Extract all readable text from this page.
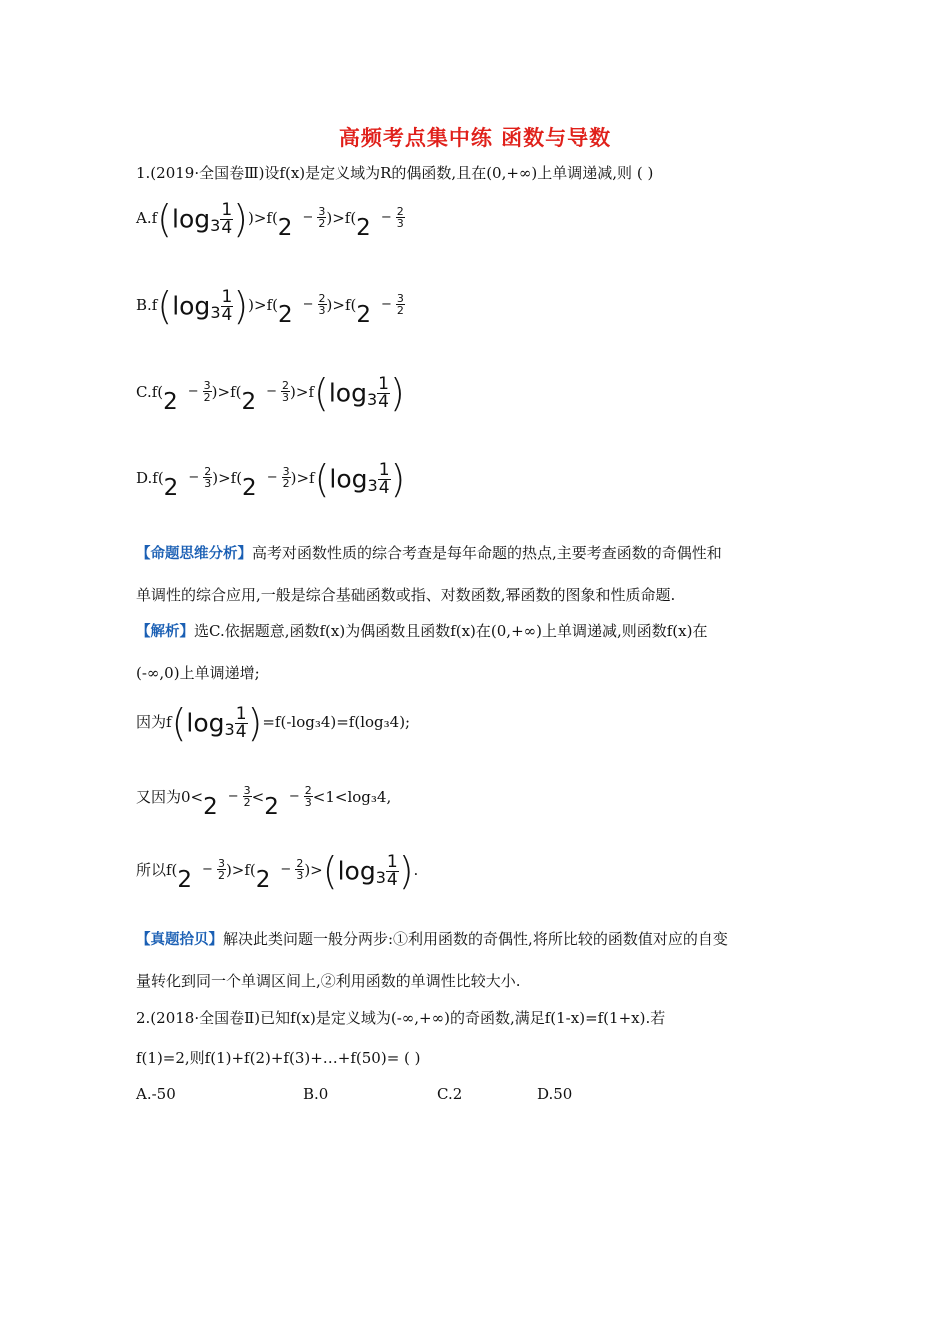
高频考点集中练 函数与导数
1.(2019·全国卷Ⅲ)设f(x)是定义域为R的偶函数,且在(0,+∞)上单调递减,则 ( )
$A.f(\log 3 \frac{1}{4} ))>f(2 - \frac{3}{2} )>f(2 - \frac{2}{3}$
$B.f(\log 3 \frac{1}{4} ))>f(2 - \frac{2}{3} )>f(2 - \frac{3}{2}$
$C.f(2 - \frac{3}{2} )>f(2 - \frac{2}{3} )>f(\log 3 \frac{1}{4}$ )
$D.f(2 - \frac{2}{3} )>f(2 - \frac{3}{2} )>f(\log 3 \frac{1}{4}$ )
【命题思维分析】高考对函数性质的综合考查是每年命题的热点,主要考查函数的奇偶性和
单调性的综合应用,一般是综合基础函数或指、对数函数,幂函数的图象和性质命题.
【解析】选C.依据题意,函数f(x)为偶函数且函数f(x)在(0,+∞)上单调递减,则函数f(x)在
(-∞,0)上单调递增;
因为$f(\log 3 \frac{1}{4} )=f(-\log_34)=f(\log_34)$;
又因为$0<2 - \frac{3}{2} <2 - \frac{2}{3} <1<\log_34$,
所以$f(2 - \frac{3}{2} )>f(2 - \frac{2}{3} )>(\log 3 \frac{1}{4}$ ).
【真题拾贝】解决此类问题一般分两步:①利用函数的奇偶性,将所比较的函数值对应的自变
量转化到同一个单调区间上,②利用函数的单调性比较大小.
2.(2018·全国卷Ⅱ)已知f(x)是定义域为(-∞,+∞)的奇函数,满足f(1-x)=f(1+x).若
f(1)=2,则f(1)+f(2)+f(3)+…+f(50)= ( )
A.-50	B.0	C.2	D.50
